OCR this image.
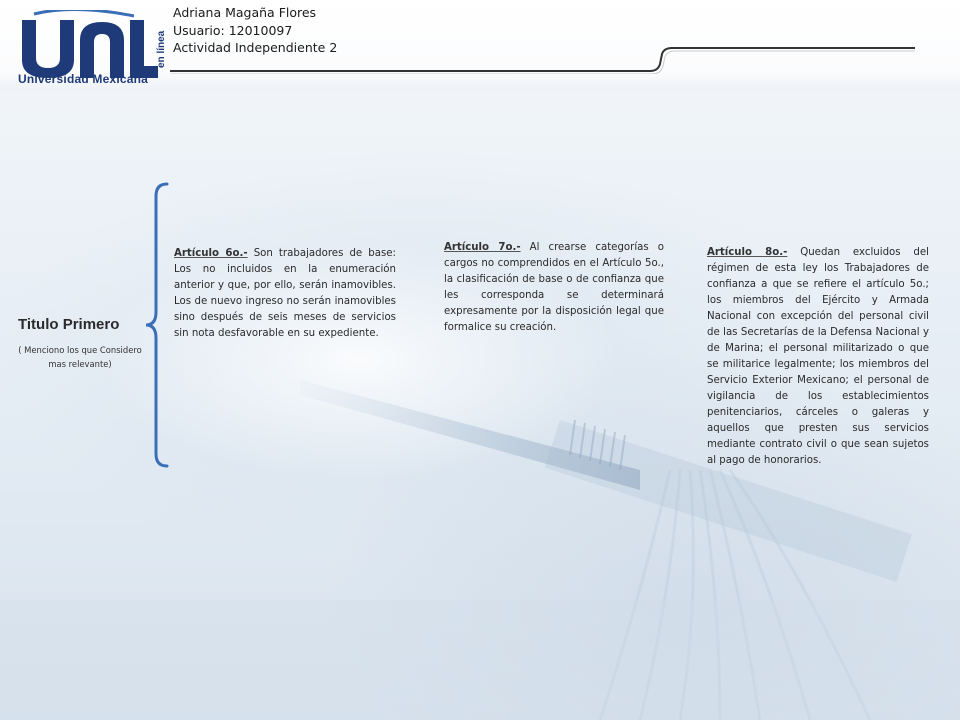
en línea
Universidad Mexicana
Adriana Magaña Flores
Usuario: 12010097
Actividad Independiente 2
Titulo Primero
( Menciono los que Considero mas relevante)
Artículo 6o.- Son trabajadores de base: Los no incluidos en la enumeración anterior y que, por ello, serán inamovibles. Los de nuevo ingreso no serán inamovibles sino después de seis meses de servicios sin nota desfavorable en su expediente.
Artículo 7o.- Al crearse categorías o cargos no comprendidos en el Artículo 5o., la clasificación de base o de confianza que les corresponda se determinará expresamente por la disposición legal que formalice su creación.
Artículo 8o.- Quedan excluidos del régimen de esta ley los Trabajadores de confianza a que se refiere el artículo 5o.; los miembros del Ejército y Armada Nacional con excepción del personal civil de las Secretarías de la Defensa Nacional y de Marina; el personal militarizado o que se militarice legalmente; los miembros del Servicio Exterior Mexicano; el personal de vigilancia de los establecimientos penitenciarios, cárceles o galeras y aquellos que presten sus servicios mediante contrato civil o que sean sujetos al pago de honorarios.
